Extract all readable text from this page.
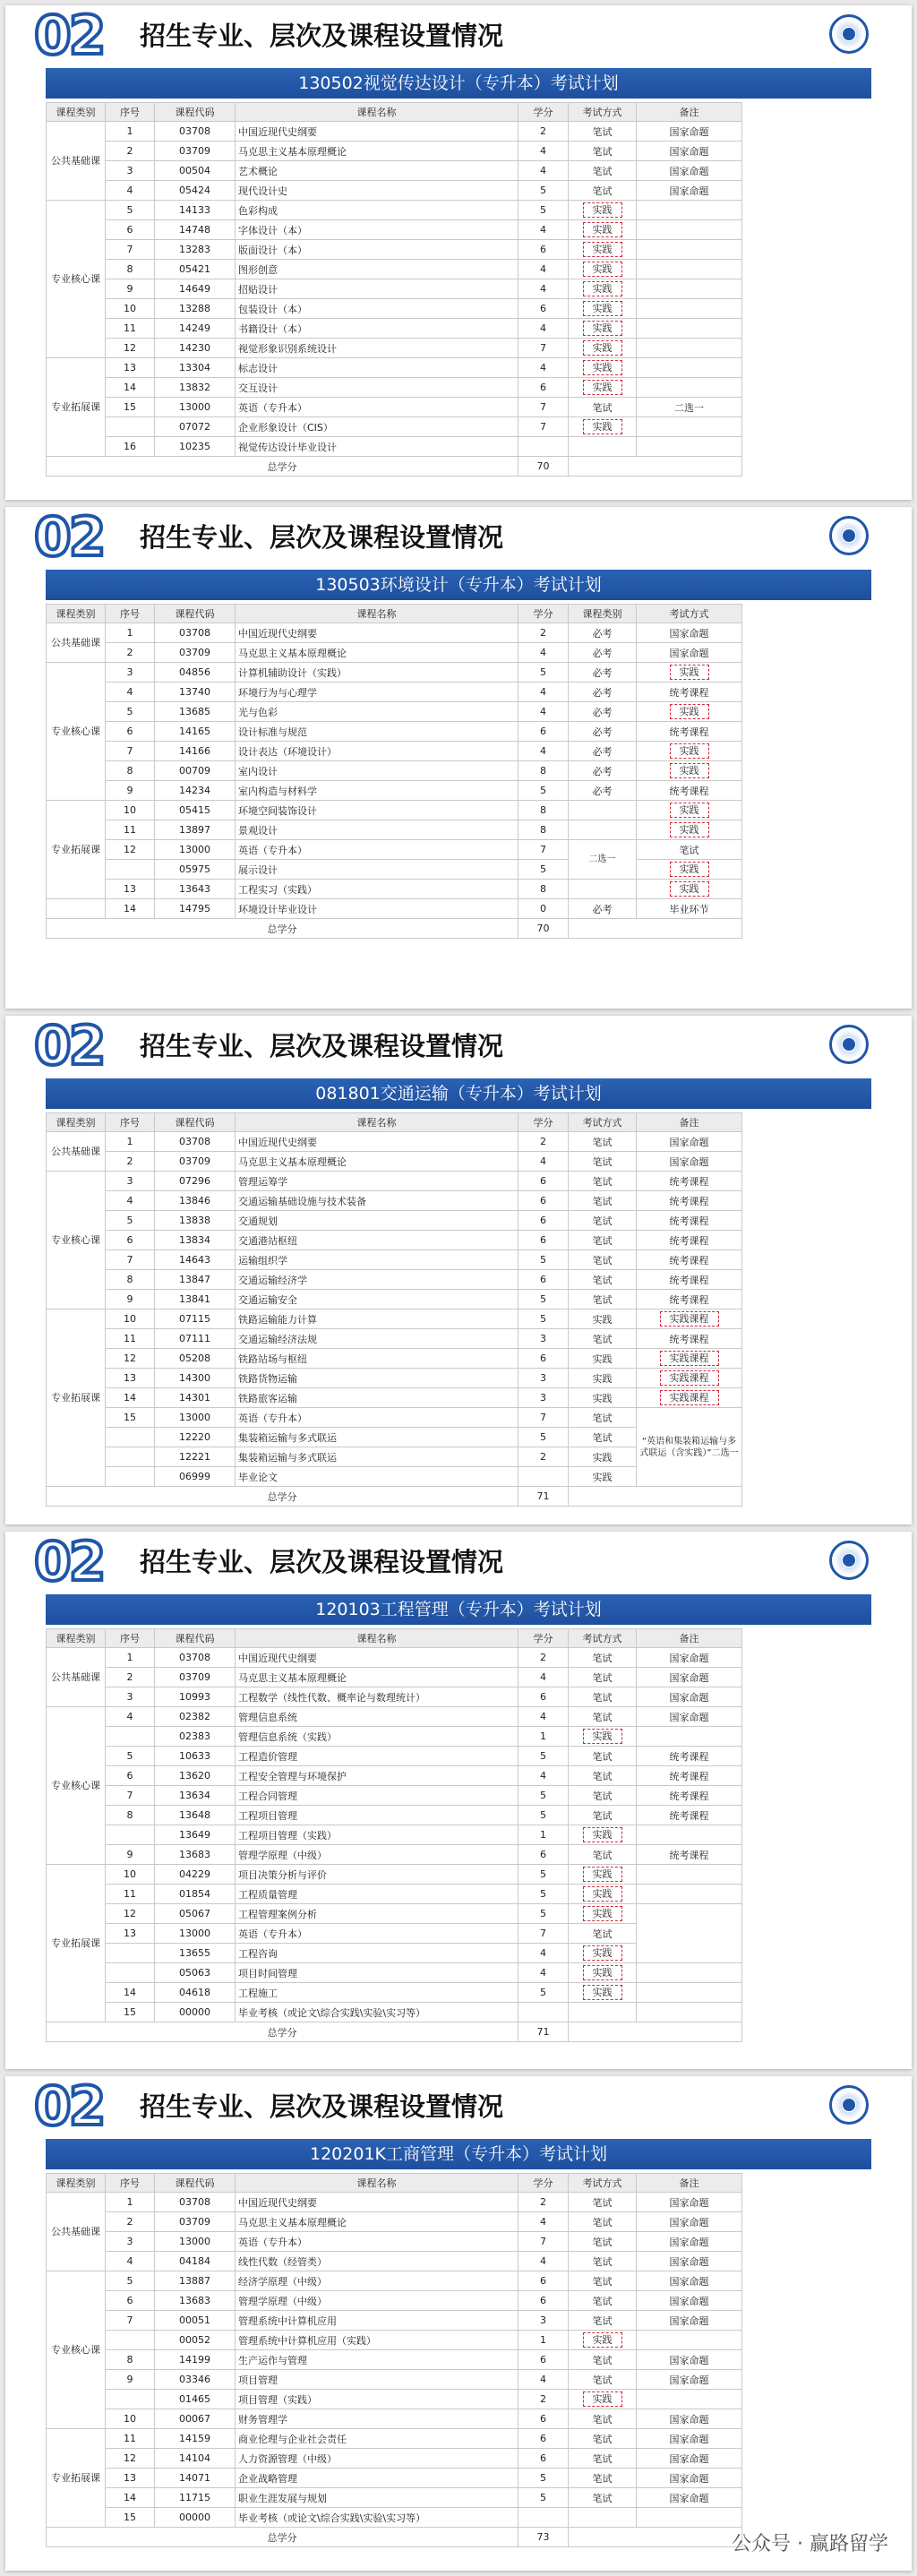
02 招生专业、层次及课程设置情况
130502视觉传达设计（专升本）考试计划
课程类别	序号	课程代码	课程名称	学分	考试方式	备注
公共基础课	1	03708	中国近现代史纲要	2	笔试	国家命题
	2	03709	马克思主义基本原理概论	4	笔试	国家命题
	3	00504	艺术概论	4	笔试	国家命题
	4	05424	现代设计史	5	笔试	国家命题
专业核心课	5	14133	色彩构成	5	实践	
	6	14748	字体设计（本）	4	实践	
	7	13283	版面设计（本）	6	实践	
	8	05421	图形创意	4	实践	
	9	14649	招贴设计	4	实践	
	10	13288	包装设计（本）	6	实践	
	11	14249	书籍设计（本）	4	实践	
	12	14230	视觉形象识别系统设计	7	实践	
专业拓展课	13	13304	标志设计	4	实践	
	14	13832	交互设计	6	实践	
	15	13000	英语（专升本）	7	笔试	二选一
		07072	企业形象设计（CIS）	7	实践	
	16	10235	视觉传达设计毕业设计			
总学分				70		
02 招生专业、层次及课程设置情况
130503环境设计（专升本）考试计划
课程类别	序号	课程代码	课程名称	学分	课程类别	考试方式
公共基础课	1	03708	中国近现代史纲要	2	必考	国家命题
	2	03709	马克思主义基本原理概论	4	必考	国家命题
专业核心课	3	04856	计算机辅助设计（实践）	5	必考	实践
	4	13740	环境行为与心理学	4	必考	统考课程
	5	13685	光与色彩	4	必考	实践
	6	14165	设计标准与规范	6	必考	统考课程
	7	14166	设计表达（环境设计）	4	必考	实践
	8	00709	室内设计	8	必考	实践
	9	14234	室内构造与材料学	5	必考	统考课程
专业拓展课	10	05415	环境空间装饰设计	8		实践
	11	13897	景观设计	8		实践
	12	13000	英语（专升本）	7	二选一	笔试
		05975	展示设计	5		实践
	13	13643	工程实习（实践）	8		实践
	14	14795	环境设计毕业设计	0	必考	毕业环节
总学分				70		
02 招生专业、层次及课程设置情况
081801交通运输（专升本）考试计划
课程类别	序号	课程代码	课程名称	学分	考试方式	备注
公共基础课	1	03708	中国近现代史纲要	2	笔试	国家命题
	2	03709	马克思主义基本原理概论	4	笔试	国家命题
专业核心课	3	07296	管理运筹学	6	笔试	统考课程
	4	13846	交通运输基础设施与技术装备	6	笔试	统考课程
	5	13838	交通规划	6	笔试	统考课程
	6	13834	交通港站枢纽	6	笔试	统考课程
	7	14643	运输组织学	5	笔试	统考课程
	8	13847	交通运输经济学	6	笔试	统考课程
	9	13841	交通运输安全	5	笔试	统考课程
专业拓展课	10	07115	铁路运输能力计算	5	实践	实践课程
	11	07111	交通运输经济法规	3	笔试	统考课程
	12	05208	铁路站场与枢纽	6	实践	实践课程
	13	14300	铁路货物运输	3	实践	实践课程
	14	14301	铁路旅客运输	3	实践	实践课程
	15	13000	英语（专升本）	7	笔试	“英语和集装箱运输与多式联运（含实践）”二选一
		12220	集装箱运输与多式联运	5	笔试	
		12221	集装箱运输与多式联运	2	实践	
		06999	毕业论文		实践	
总学分				71		
02 招生专业、层次及课程设置情况
120103工程管理（专升本）考试计划
课程类别	序号	课程代码	课程名称	学分	考试方式	备注
公共基础课	1	03708	中国近现代史纲要	2	笔试	国家命题
	2	03709	马克思主义基本原理概论	4	笔试	国家命题
	3	10993	工程数学（线性代数、概率论与数理统计）	6	笔试	国家命题
专业核心课	4	02382	管理信息系统	4	笔试	国家命题
		02383	管理信息系统（实践）	1	实践	
	5	10633	工程造价管理	5	笔试	统考课程
	6	13620	工程安全管理与环境保护	4	笔试	统考课程
	7	13634	工程合同管理	5	笔试	统考课程
	8	13648	工程项目管理	5	笔试	统考课程
		13649	工程项目管理（实践）	1	实践	
	9	13683	管理学原理（中级）	6	笔试	统考课程
专业拓展课	10	04229	项目决策分析与评价	5	实践	
	11	01854	工程质量管理	5	实践	
	12	05067	工程管理案例分析	5	实践	
	13	13000	英语（专升本）	7	笔试	
		13655	工程咨询	4	实践	
		05063	项目时间管理	4	实践	
	14	04618	工程施工	5	实践	
	15	00000	毕业考核（或论文\综合实践\实验\实习等）			
总学分				71		
02 招生专业、层次及课程设置情况
120201K工商管理（专升本）考试计划
课程类别	序号	课程代码	课程名称	学分	考试方式	备注
公共基础课	1	03708	中国近现代史纲要	2	笔试	国家命题
	2	03709	马克思主义基本原理概论	4	笔试	国家命题
	3	13000	英语（专升本）	7	笔试	国家命题
	4	04184	线性代数（经管类）	4	笔试	国家命题
专业核心课	5	13887	经济学原理（中级）	6	笔试	国家命题
	6	13683	管理学原理（中级）	6	笔试	国家命题
	7	00051	管理系统中计算机应用	3	笔试	国家命题
		00052	管理系统中计算机应用（实践）	1	实践	
	8	14199	生产运作与管理	6	笔试	国家命题
	9	03346	项目管理	4	笔试	国家命题
		01465	项目管理（实践）	2	实践	
	10	00067	财务管理学	6	笔试	国家命题
专业拓展课	11	14159	商业伦理与企业社会责任	6	笔试	国家命题
	12	14104	人力资源管理（中级）	6	笔试	国家命题
	13	14071	企业战略管理	5	笔试	国家命题
	14	11715	职业生涯发展与规划	5	笔试	国家命题
	15	00000	毕业考核（或论文\综合实践\实验\实习等）			
总学分				73			公众号 · 赢路留学
